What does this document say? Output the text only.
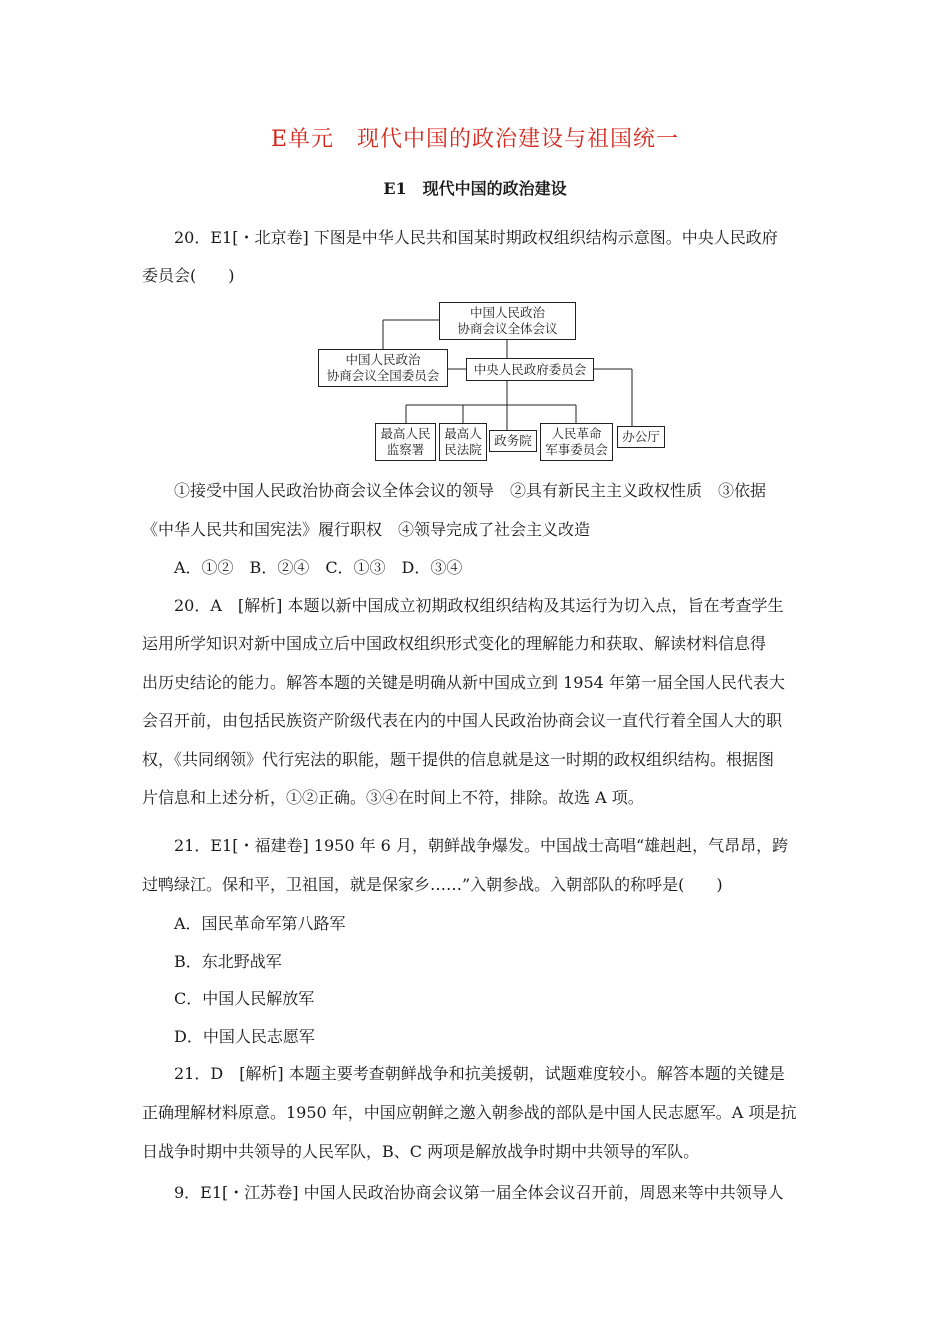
E单元　现代中国的政治建设与祖国统一
E1　现代中国的政治建设
20．E1[・北京卷] 下图是中华人民共和国某时期政权组织结构示意图。中央人民政府
委员会(　　)
中国人民政治
协商会议全体会议
中国人民政治
协商会议全国委员会	中央人民政府委员会
最高人民
监察署
最高人
民法院
政务院	人民革命
军事委员会
办公厅
①接受中国人民政治协商会议全体会议的领导　②具有新民主主义政权性质　③依据
《中华人民共和国宪法》履行职权　④领导完成了社会主义改造
A．①②　B．②④　C．①③　D．③④
20．A　[解析] 本题以新中国成立初期政权组织结构及其运行为切入点，旨在考查学生
运用所学知识对新中国成立后中国政权组织形式变化的理解能力和获取、解读材料信息得
出历史结论的能力。解答本题的关键是明确从新中国成立到 1954 年第一届全国人民代表大
会召开前，由包括民族资产阶级代表在内的中国人民政治协商会议一直代行着全国人大的职
权，《共同纲领》代行宪法的职能，题干提供的信息就是这一时期的政权组织结构。根据图
片信息和上述分析，①②正确。③④在时间上不符，排除。故选 A 项。
21．E1[・福建卷] 1950 年 6 月，朝鲜战争爆发。中国战士高唱“雄赳赳，气昂昂，跨
过鸭绿江。保和平，卫祖国，就是保家乡……”入朝参战。入朝部队的称呼是(　　)
A．国民革命军第八路军
B．东北野战军
C．中国人民解放军
D．中国人民志愿军
21．D　[解析] 本题主要考查朝鲜战争和抗美援朝，试题难度较小。解答本题的关键是
正确理解材料原意。1950 年，中国应朝鲜之邀入朝参战的部队是中国人民志愿军。A 项是抗
日战争时期中共领导的人民军队，B、C 两项是解放战争时期中共领导的军队。
9．E1[・江苏卷] 中国人民政治协商会议第一届全体会议召开前，周恩来等中共领导人
